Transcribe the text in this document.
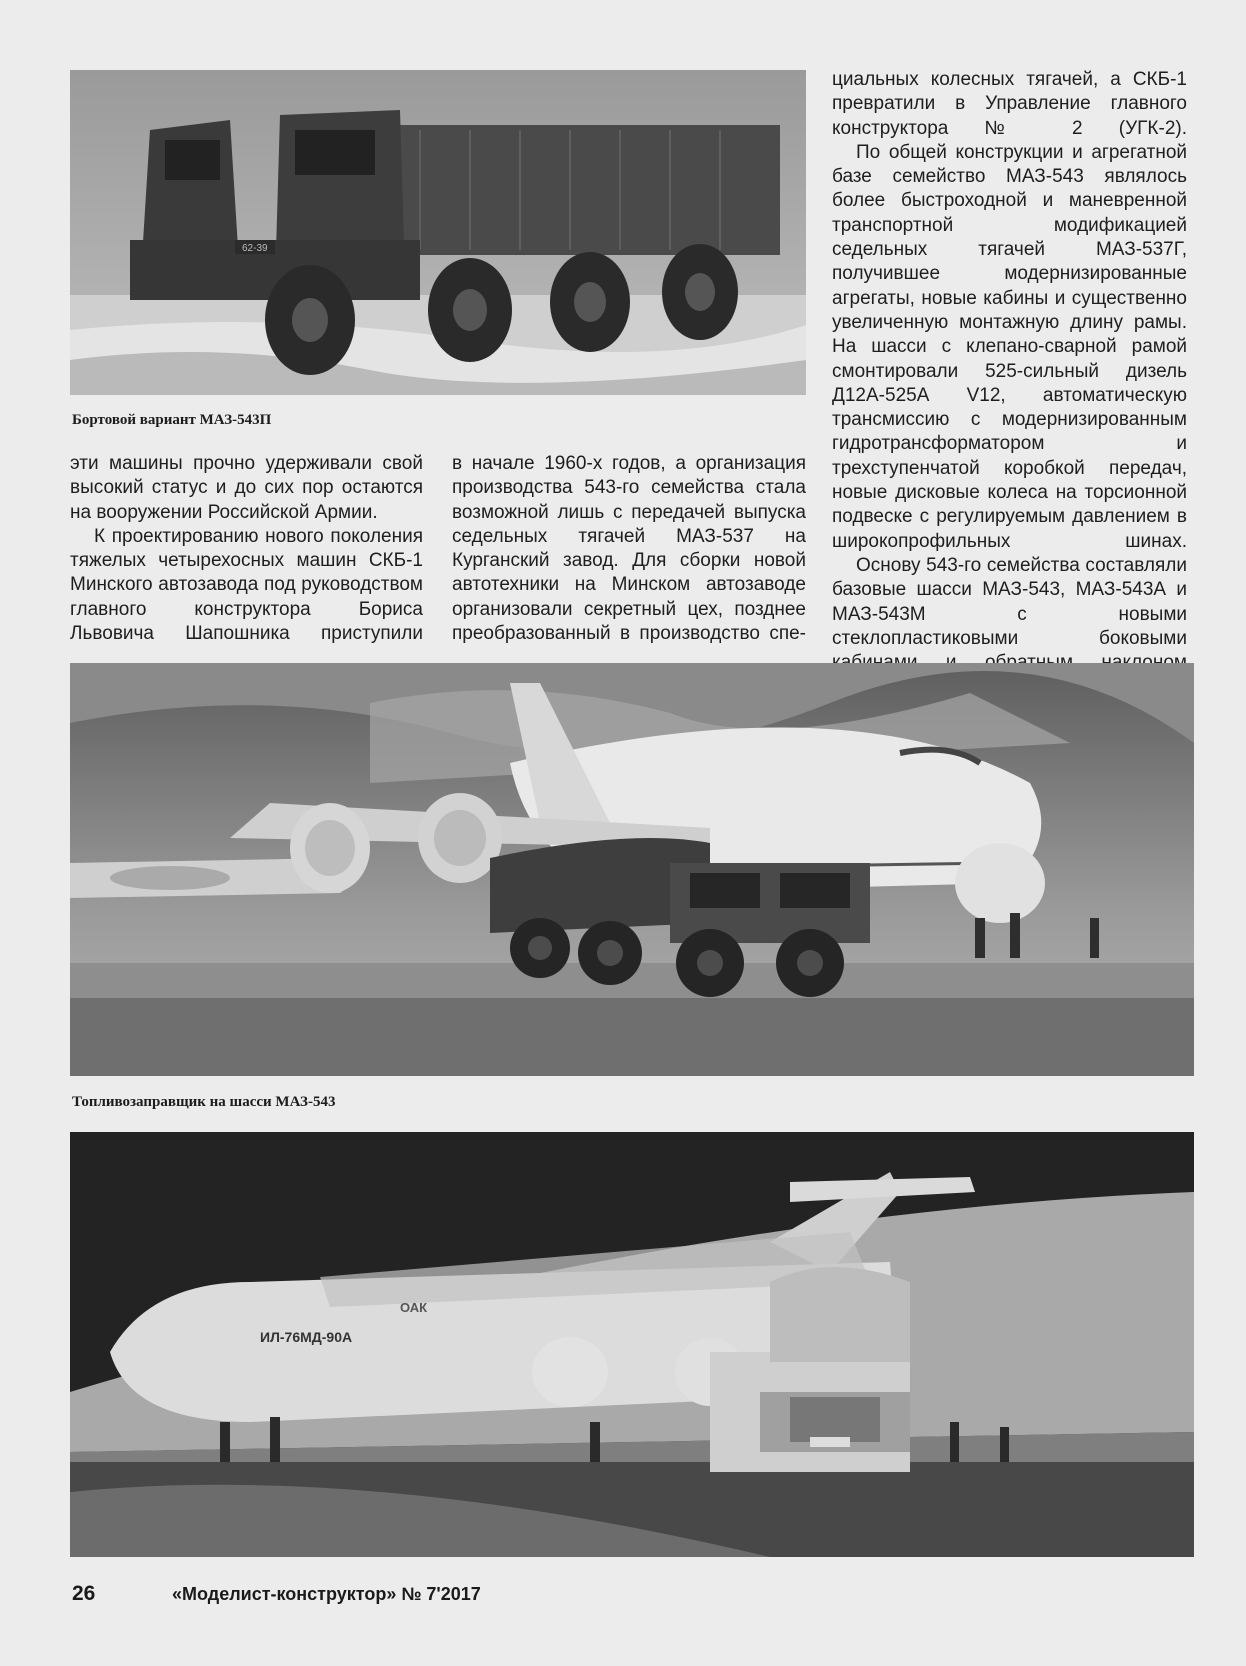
62-39
Бортовой вариант МАЗ-543П

циальных колесных тягачей, а СКБ-1 превратили в Управление главного конструктора № 2 (УГК-2).

По общей конструкции и агрегатной базе семейство МАЗ-543 являлось более быстроходной и маневренной транспортной модификацией седельных тягачей МАЗ-537Г, получившее модернизированные агрегаты, новые кабины и существенно увеличенную монтажную длину рамы. На шасси с клепано-сварной рамой смонтировали 525-сильный дизель Д12А-525А V12, автоматическую трансмиссию с модернизированным гидротрансформатором и трехступенчатой коробкой передач, новые дисковые колеса на торсионной подвеске с регулируемым давлением в широкопрофильных шинах.

Основу 543-го семейства составляли базовые шасси МАЗ-543, МАЗ-543А и МАЗ-543М с новыми стеклопластиковыми боковыми

эти машины прочно удерживали свой высокий статус и до сих пор остаются на вооружении Российской Армии.

К проектированию нового поколения тяжелых четырехосных машин СКБ-1 Минского автозавода под руководством главного конструктора Бориса Львовича Шапошника приступили

в начале 1960-х годов, а организация производства 543-го семейства стала возможной лишь с передачей выпуска седельных тягачей МАЗ-537 на Курганский завод. Для сборки новой автотехники на Минском автозаводе организовали секретный цех, позднее преобразованный в производство спе-

Топливозаправщик на шасси МАЗ-543
ИЛ-76МД-90А
ОАК
26	«Моделист-конструктор» № 7'2017
